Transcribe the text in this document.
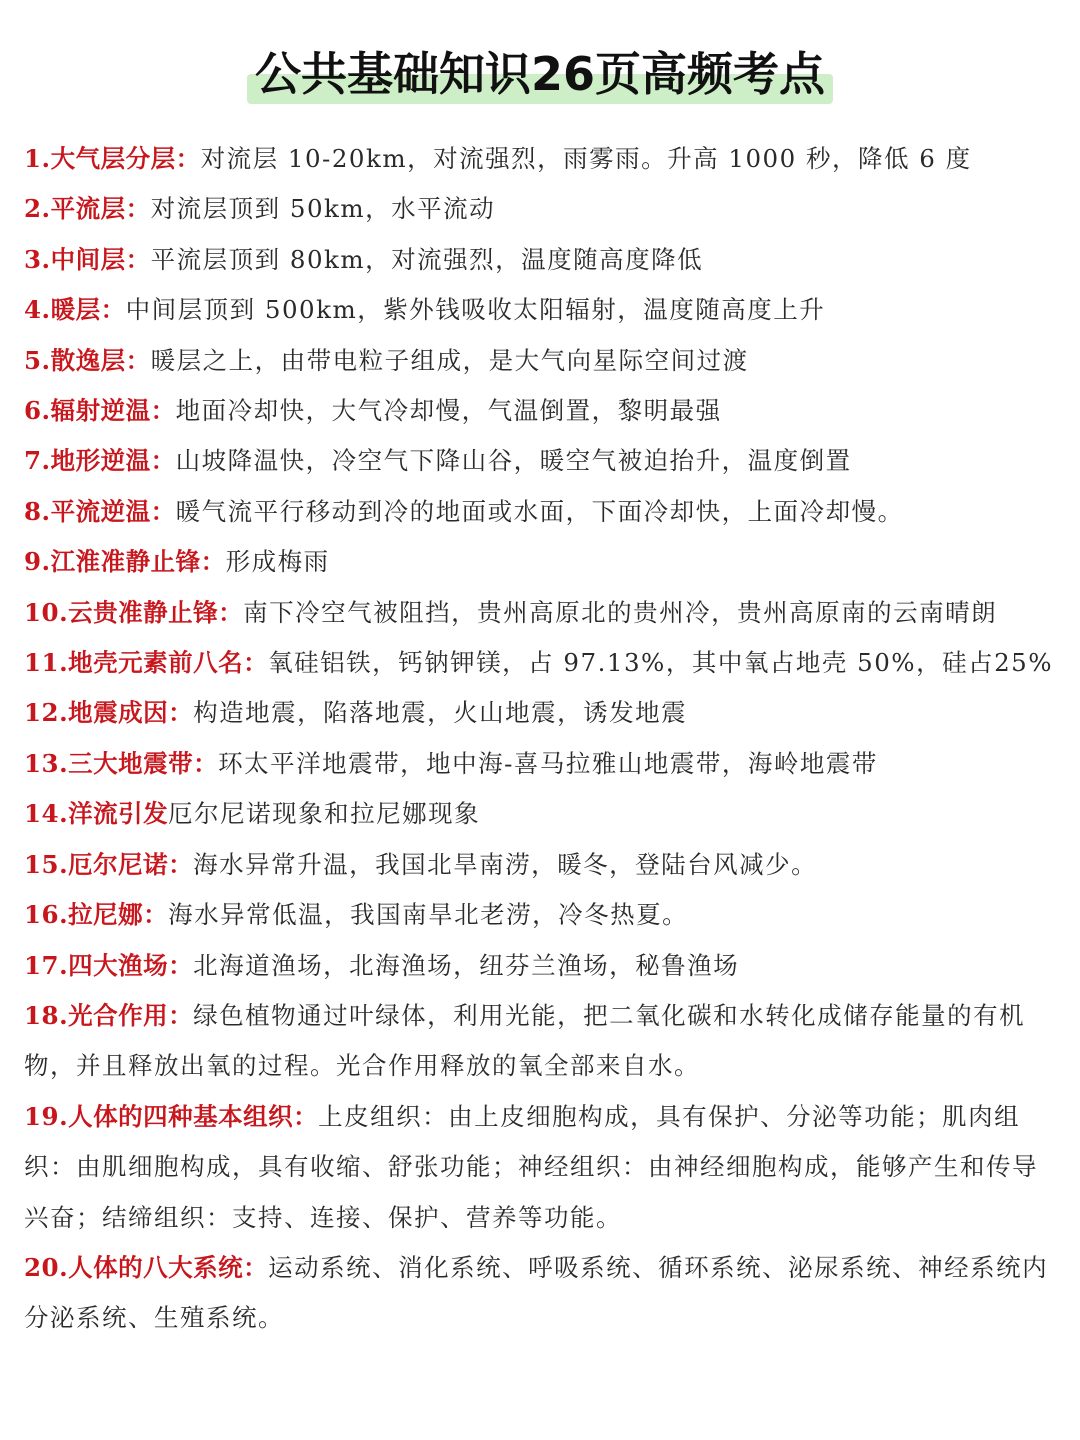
公共基础知识26页高频考点
1.大气层分层：对流层 10-20km，对流强烈，雨雾雨。升高 1000 秒，降低 6 度
2.平流层：对流层顶到 50km，水平流动
3.中间层：平流层顶到 80km，对流强烈，温度随高度降低
4.暖层：中间层顶到 500km，紫外钱吸收太阳辐射，温度随高度上升
5.散逸层：暖层之上，由带电粒子组成，是大气向星际空间过渡
6.辐射逆温：地面冷却快，大气冷却慢，气温倒置，黎明最强
7.地形逆温：山坡降温快，冷空气下降山谷，暖空气被迫抬升，温度倒置
8.平流逆温：暖气流平行移动到冷的地面或水面，下面冷却快，上面冷却慢。
9.江淮准静止锋：形成梅雨
10.云贵准静止锋：南下冷空气被阻挡，贵州高原北的贵州冷，贵州高原南的云南晴朗
11.地壳元素前八名：氧硅铝铁，钙钠钾镁，占 97.13%，其中氧占地壳 50%，硅占25%
12.地震成因：构造地震，陷落地震，火山地震，诱发地震
13.三大地震带：环太平洋地震带，地中海-喜马拉雅山地震带，海岭地震带
14.洋流引发厄尔尼诺现象和拉尼娜现象
15.厄尔尼诺：海水异常升温，我国北旱南涝，暖冬，登陆台风减少。
16.拉尼娜：海水异常低温，我国南旱北老涝，冷冬热夏。
17.四大渔场：北海道渔场，北海渔场，纽芬兰渔场，秘鲁渔场
18.光合作用：绿色植物通过叶绿体，利用光能，把二氧化碳和水转化成储存能量的有机物，并且释放出氧的过程。光合作用释放的氧全部来自水。
19.人体的四种基本组织：上皮组织：由上皮细胞构成，具有保护、分泌等功能；肌肉组织：由肌细胞构成，具有收缩、舒张功能；神经组织：由神经细胞构成，能够产生和传导兴奋；结缔组织：支持、连接、保护、营养等功能。
20.人体的八大系统：运动系统、消化系统、呼吸系统、循环系统、泌尿系统、神经系统内分泌系统、生殖系统。
